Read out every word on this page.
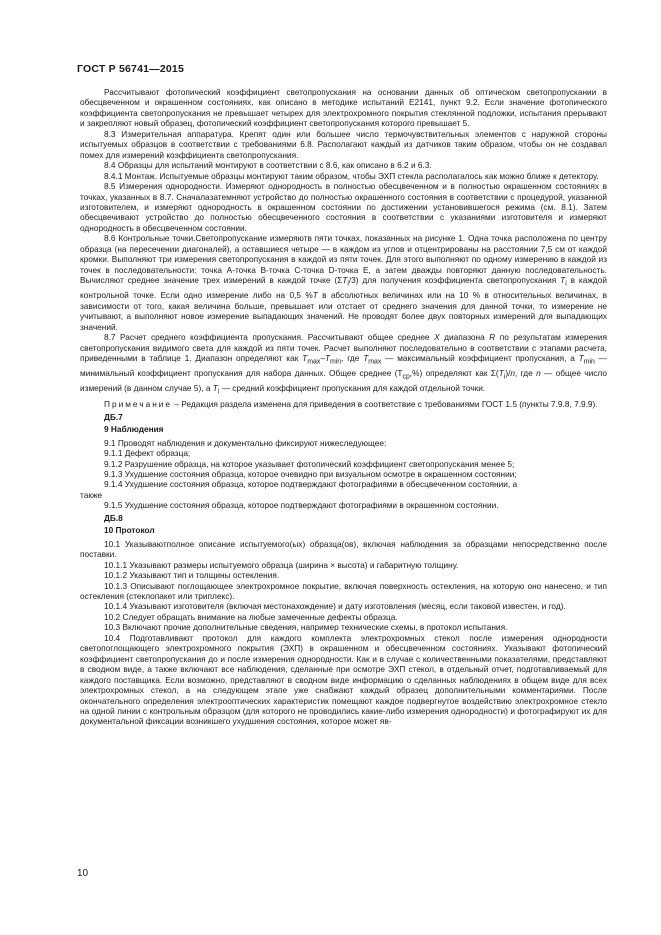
ГОСТ Р 56741—2015

Рассчитывают фотопический коэффициент светопропускания на основании данных об оптическом светопропускании в обесцвеченном и окрашенном состояниях, как описано в методике испытаний E2141, пункт 9.2. Если значение фотопического коэффициента светопропускания не превышает четырех для электрохромного покрытия стеклянной подложки, испытания прерывают и закрепляют новый образец, фотопический коэффициент светопропускания которого превышает 5.

8.3 Измерительная аппаратура. Крепят один или большее число термочувствительных элементов с наружной стороны испытуемых образцов в соответствии с требованиями 6.8. Располагают каждый из датчиков таким образом, чтобы он не создавал помех для измерений коэффициента светопропускания.

8.4 Образцы для испытаний монтируют в соответствии с 8.6, как описано в 6.2 и 6.3.

8.4.1 Монтаж. Испытуемые образцы монтируют таким образом, чтобы ЭХП стекла располагалось как можно ближе к детектору.

8.5 Измерения однородности. Измеряют однородность в полностью обесцвеченном и в полностью окрашенном состояниях в точках, указанных в 8.7. Сначалазатемняют устройство до полностью окрашенного состояния в соответствии с процедурой, указанной изготовителем, и измеряют однородность в окрашенном состоянии по достижении установившегося режима (см. 8.1). Затем обесцвечивают устройство до полностью обесцвеченного состояния в соответствии с указаниями изготовителя и измеряют однородность в обесцвеченном состоянии.

8.6 Контрольные точки.Светопропускание измеряютв пяти точках, показанных на рисунке 1. Одна точка расположена по центру образца (на пересечении диагоналей), а оставшиеся четыре — в каждом из углов и отцентрированы на расстоянии 7,5 см от каждой кромки. Выполняют три измерения светопропускания в каждой из пяти точек. Для этого выполняют по одному измерению в каждой из точек в последовательности: точка А-точка В-точка С-точка D-точка Е, а затем дважды повторяют данную последовательность. Вычисляют среднее значение трех измерений в каждой точке $(\Sigma T_i/3)$ для получения коэффициента светопропускания $T_i$ в каждой контрольной точке. Если одно измерение либо на 0,5 %T в абсолютных величинах или на 10 % в относительных величинах, в зависимости от того, какая величина больше, превышает или отстает от среднего значения для данной точки, то измерение не учитывают, а выполняют новое измерение выпадающих значений. Не проводят более двух повторных измерений для выпадающих значений.

8.7 Расчет среднего коэффициента пропускания. Рассчитывают общее среднее X диапазона R по результатам измерения светопропускания видимого света для каждой из пяти точек. Расчет выполняют последовательно в соответствии с этапами расчета, приведенными в таблице 1. Диапазон определяют как $T_{max}-T_{min}$, где $T_{max}$ — максимальный коэффициент пропускания, а $T_{min}$ — минимальный коэффициент пропускания для набора данных. Общее среднее $(T_{ср},\%)$ определяют как $\Sigma(T_i)/n$, где n — общее число измерений (в данном случае 5), а $T_i$ — средний коэффициент пропускания для каждой отдельной точки.

Примечание – Редакция раздела изменена для приведения в соответствие с требованиями ГОСТ 1.5 (пункты 7.9.8, 7.9.9).

ДБ.7

9 Наблюдения

9.1 Проводят наблюдения и документально фиксируют нижеследующее:

9.1.1 Дефект образца;

9.1.2 Разрушение образца, на которое указывает фотопический коэффициент светопропускания менее 5;

9.1.3 Ухудшение состояния образца, которое очевидно при визуальном осмотре в окрашенном состоянии;

9.1.4 Ухудшение состояния образца, которое подтверждают фотографиями в обесцвеченном состоянии, а

также

9.1.5 Ухудшение состояния образца, которое подтверждают фотографиями в окрашенном состоянии.

ДБ.8

10 Протокол

10.1 Указываютполное описание испытуемого(ых) образца(ов), включая наблюдения за образцами непосредственно после поставки.

10.1.1 Указывают размеры испытуемого образца (ширина × высота) и габаритную толщину.

10.1.2 Указывают тип и толщины остекления.

10.1.3 Описывают поглощающее электрохромное покрытие, включая поверхность остекления, на которую оно нанесено, и тип остекления (стеклопакет или триплекс).

10.1.4 Указывают изготовителя (включая местонахождение) и дату изготовления (месяц, если таковой известен, и год).

10.2 Следует обращать внимание на любые замеченные дефекты образца.

10.3 Включают прочие дополнительные сведения, например технические схемы, в протокол испытания.

10.4 Подготавливают протокол для каждого комплекта электрохромных стекол после измерения однородности светопоглощающего электрохромного покрытия (ЭХП) в окрашенном и обесцвеченном состояниях. Указывают фотопический коэффициент светопропускания до и после измерения однородности. Как и в случае с количественными показателями, представляют в сводном виде, а также включают все наблюдения, сделанные при осмотре ЭХП стекол, в отдельный отчет, подготавливаемый для каждого поставщика. Если возможно, представляют в сводном виде информацию о сделанных наблюдениях в общем виде для всех электрохромных стекол, а на следующем этапе уже снабжают каждый образец дополнительными комментариями. После окончательного определения электрооптических характеристик помещают каждое подвергнутое воздействию электрохромное стекло на одной линии с контрольным образцом (для которого не проводились какие-либо измерения однородности) и фотографируют их для документальной фиксации возникшего ухудшения состояния, которое может яв-

10
